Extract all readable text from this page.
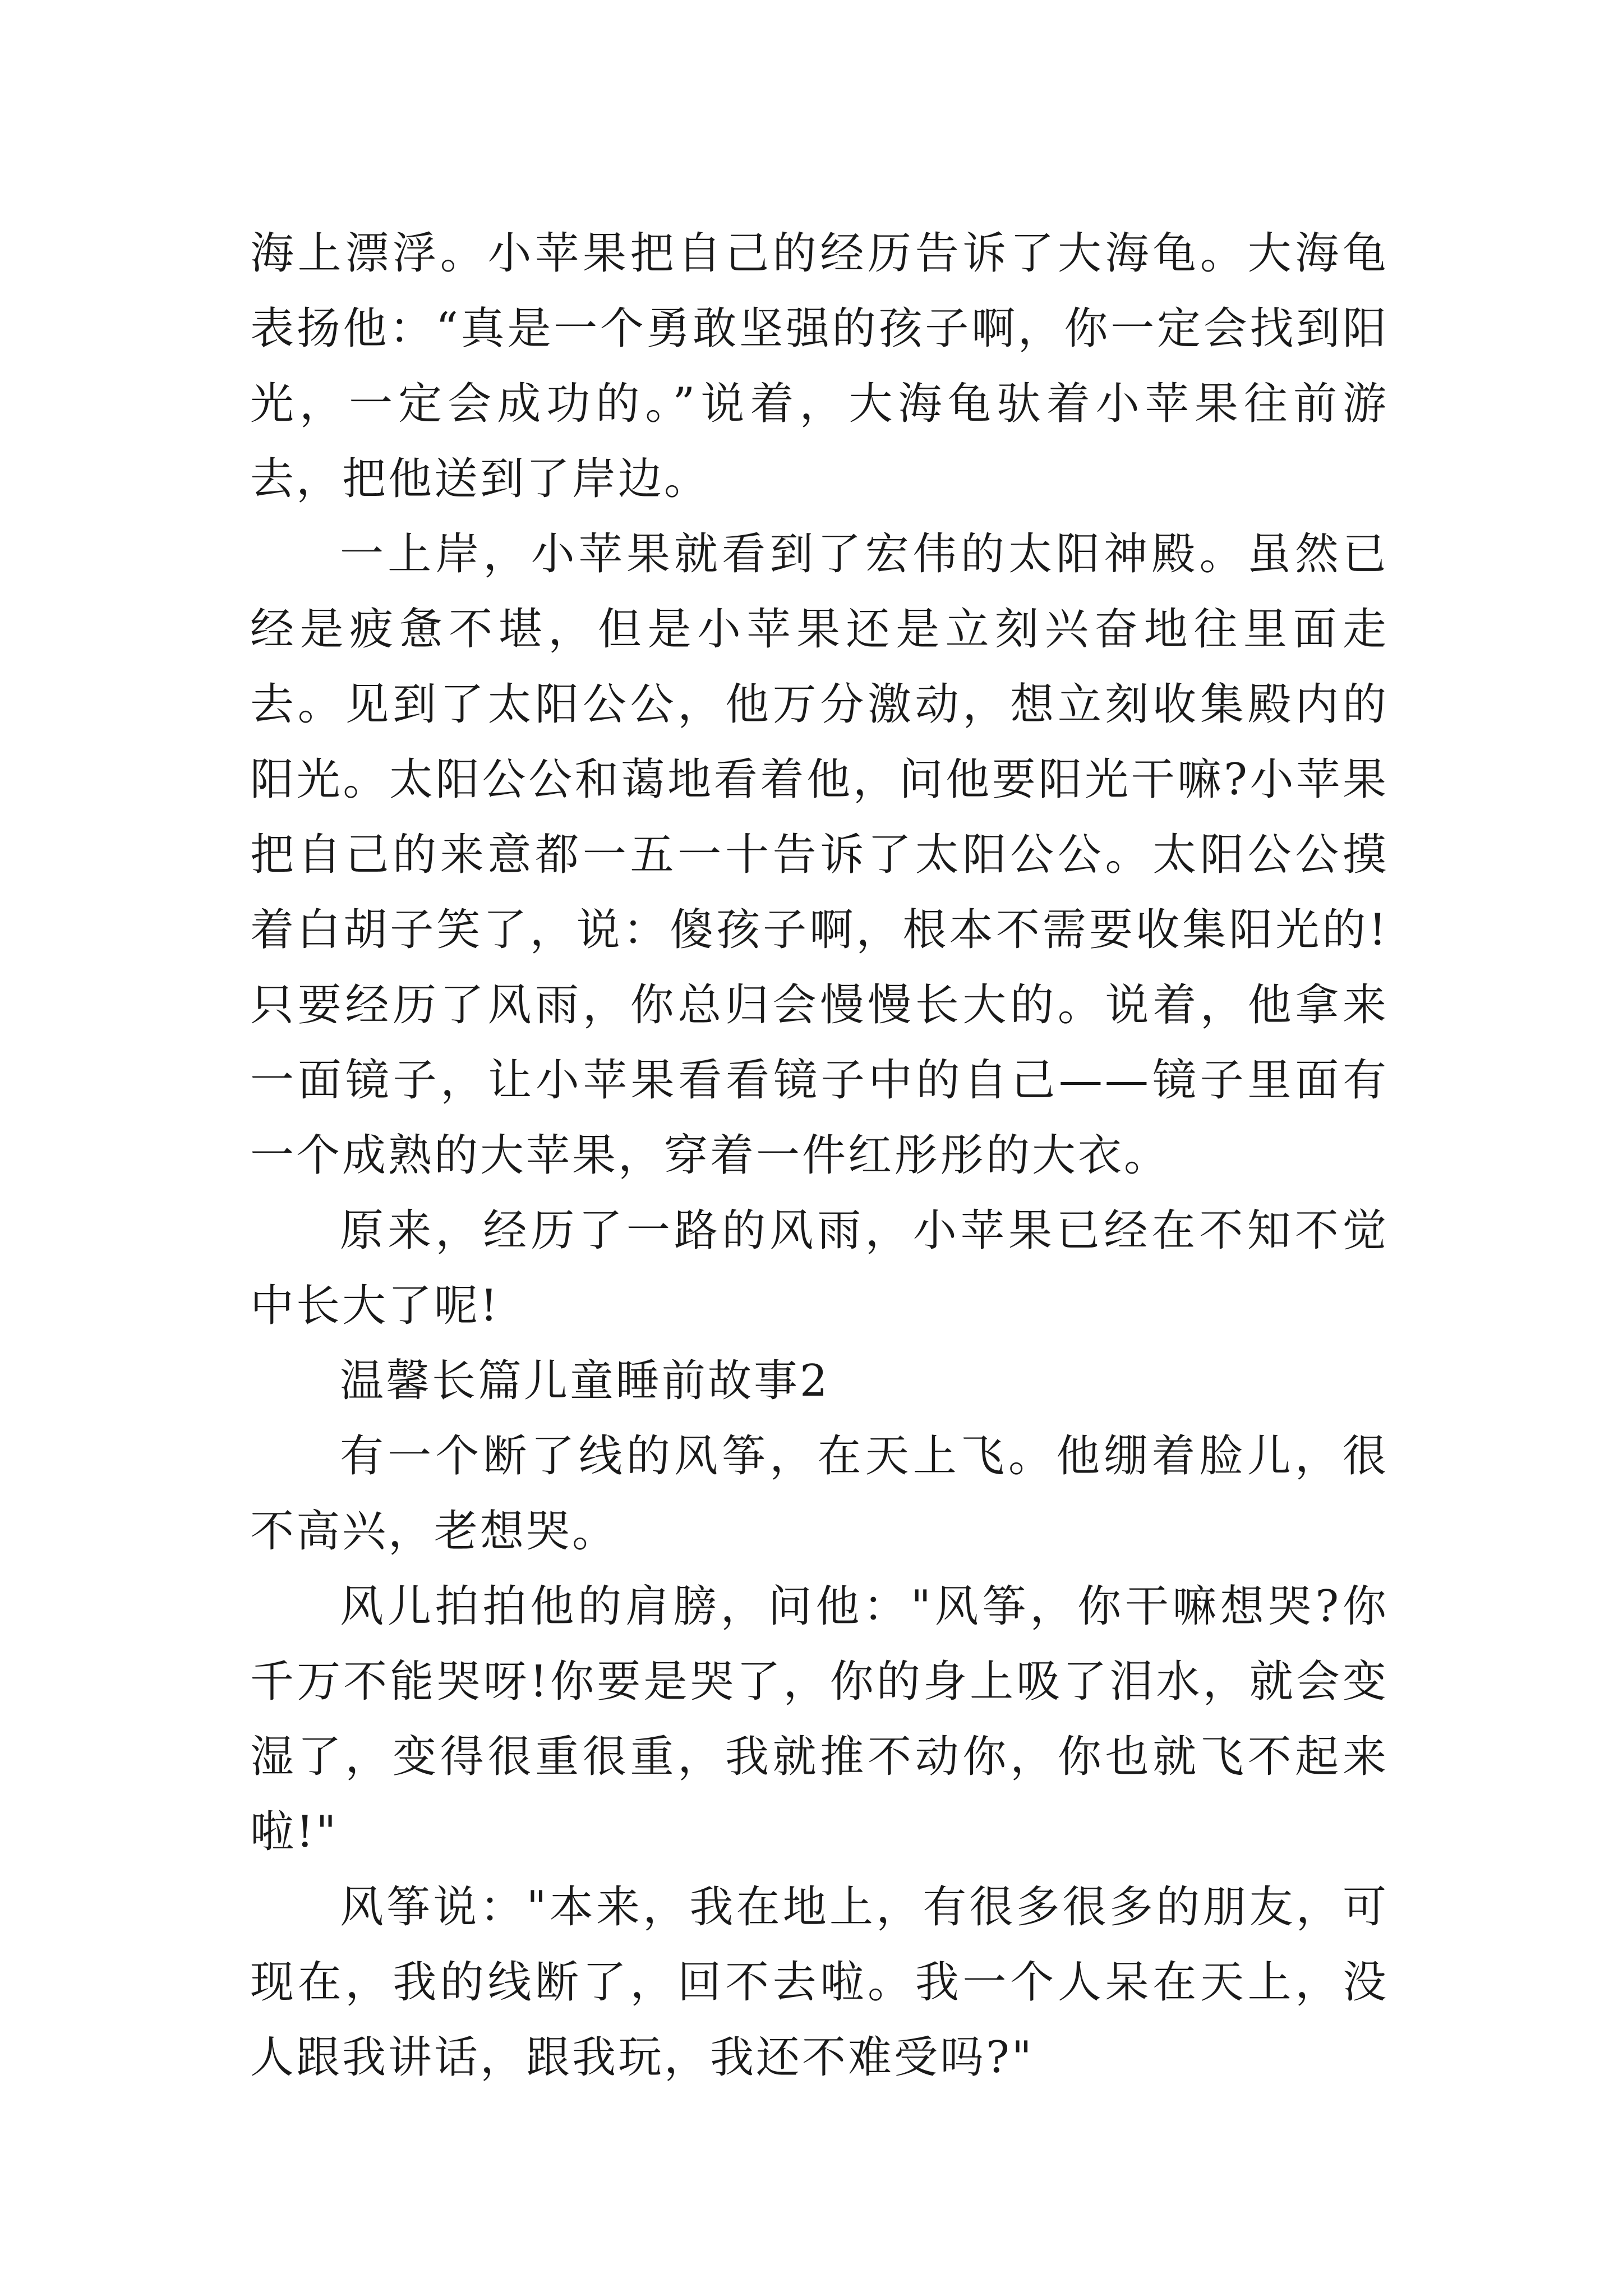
海上漂浮。小苹果把自己的经历告诉了大海龟。大海龟表扬他：“真是一个勇敢坚强的孩子啊，你一定会找到阳光，一定会成功的。”说着，大海龟驮着小苹果往前游去，把他送到了岸边。

一上岸，小苹果就看到了宏伟的太阳神殿。虽然已经是疲惫不堪，但是小苹果还是立刻兴奋地往里面走去。见到了太阳公公，他万分激动，想立刻收集殿内的阳光。太阳公公和蔼地看着他，问他要阳光干嘛?小苹果把自己的来意都一五一十告诉了太阳公公。太阳公公摸着白胡子笑了，说：傻孩子啊，根本不需要收集阳光的!只要经历了风雨，你总归会慢慢长大的。说着，他拿来一面镜子，让小苹果看看镜子中的自己——镜子里面有一个成熟的大苹果，穿着一件红彤彤的大衣。

原来，经历了一路的风雨，小苹果已经在不知不觉中长大了呢!

温馨长篇儿童睡前故事2

有一个断了线的风筝，在天上飞。他绷着脸儿，很不高兴，老想哭。

风儿拍拍他的肩膀，问他："风筝，你干嘛想哭?你千万不能哭呀!你要是哭了，你的身上吸了泪水，就会变湿了，变得很重很重，我就推不动你，你也就飞不起来啦!"

风筝说："本来，我在地上，有很多很多的朋友，可现在，我的线断了，回不去啦。我一个人呆在天上，没人跟我讲话，跟我玩，我还不难受吗?"
